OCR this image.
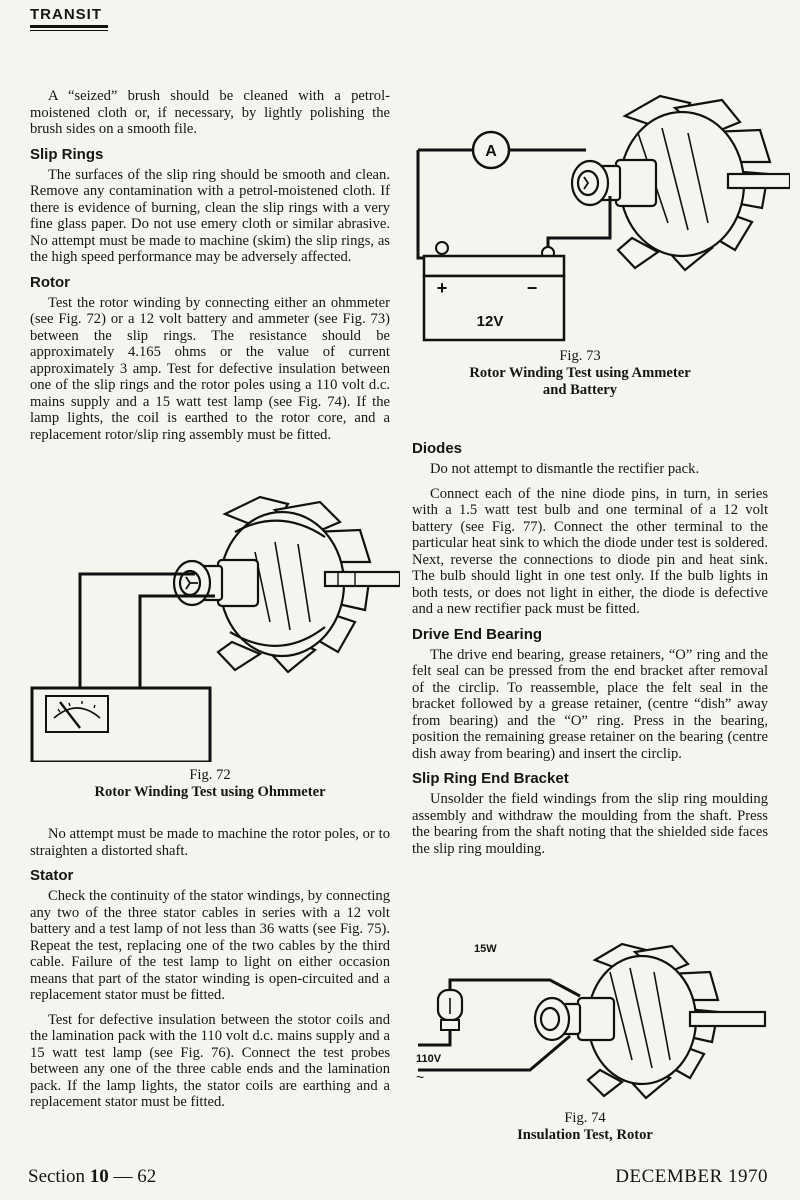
TRANSIT

A “seized” brush should be cleaned with a petrol-moistened cloth or, if necessary, by lightly polishing the brush sides on a smooth file.

Slip Rings

The surfaces of the slip ring should be smooth and clean. Remove any contamination with a petrol-moistened cloth. If there is evidence of burning, clean the slip rings with a very fine glass paper. Do not use emery cloth or similar abrasive. No attempt must be made to machine (skim) the slip rings, as the high speed performance may be adversely affected.

Rotor

Test the rotor winding by connecting either an ohmmeter (see Fig. 72) or a 12 volt battery and ammeter (see Fig. 73) between the slip rings. The resistance should be approximately 4.165 ohms or the value of current approximately 3 amp. Test for defective insulation between one of the slip rings and the rotor poles using a 110 volt d.c. mains supply and a 15 watt test lamp (see Fig. 74). If the lamp lights, the coil is earthed to the rotor core, and a replacement rotor/slip ring assembly must be fitted.

Fig. 72
Rotor Winding Test using Ohmmeter

No attempt must be made to machine the rotor poles, or to straighten a distorted shaft.

Stator

Check the continuity of the stator windings, by connecting any two of the three stator cables in series with a 12 volt battery and a test lamp of not less than 36 watts (see Fig. 75). Repeat the test, replacing one of the two cables by the third cable. Failure of the test lamp to light on either occasion means that part of the stator winding is open-circuited and a replacement stator must be fitted.

Test for defective insulation between the stotor coils and the lamination pack with the 110 volt d.c. mains supply and a 15 watt test lamp (see Fig. 76). Connect the test probes between any one of the three cable ends and the lamination pack. If the lamp lights, the stator coils are earthing and a replacement stator must be fitted.

A
+	−
12V
Fig. 73
Rotor Winding Test using Ammeter
and Battery
Diodes

Do not attempt to dismantle the rectifier pack.

Connect each of the nine diode pins, in turn, in series with a 1.5 watt test bulb and one terminal of a 12 volt battery (see Fig. 77). Connect the other terminal to the particular heat sink to which the diode under test is soldered. Next, reverse the connections to diode pin and heat sink. The bulb should light in one test only. If the bulb lights in both tests, or does not light in either, the diode is defective and a new rectifier pack must be fitted.

Drive End Bearing

The drive end bearing, grease retainers, “O” ring and the felt seal can be pressed from the end bracket after removal of the circlip. To reassemble, place the felt seal in the bracket followed by a grease retainer, (centre “dish” away from bearing) and the “O” ring. Press in the bearing, position the remaining grease retainer on the bearing (centre dish away from bearing) and insert the circlip.

Slip Ring End Bracket

Unsolder the field windings from the slip ring moulding assembly and withdraw the moulding from the shaft. Press the bearing from the shaft noting that the shielded side faces the slip ring moulding.

15W
110V
~
Fig. 74
Insulation Test, Rotor
Section 10 — 62	DECEMBER 1970
